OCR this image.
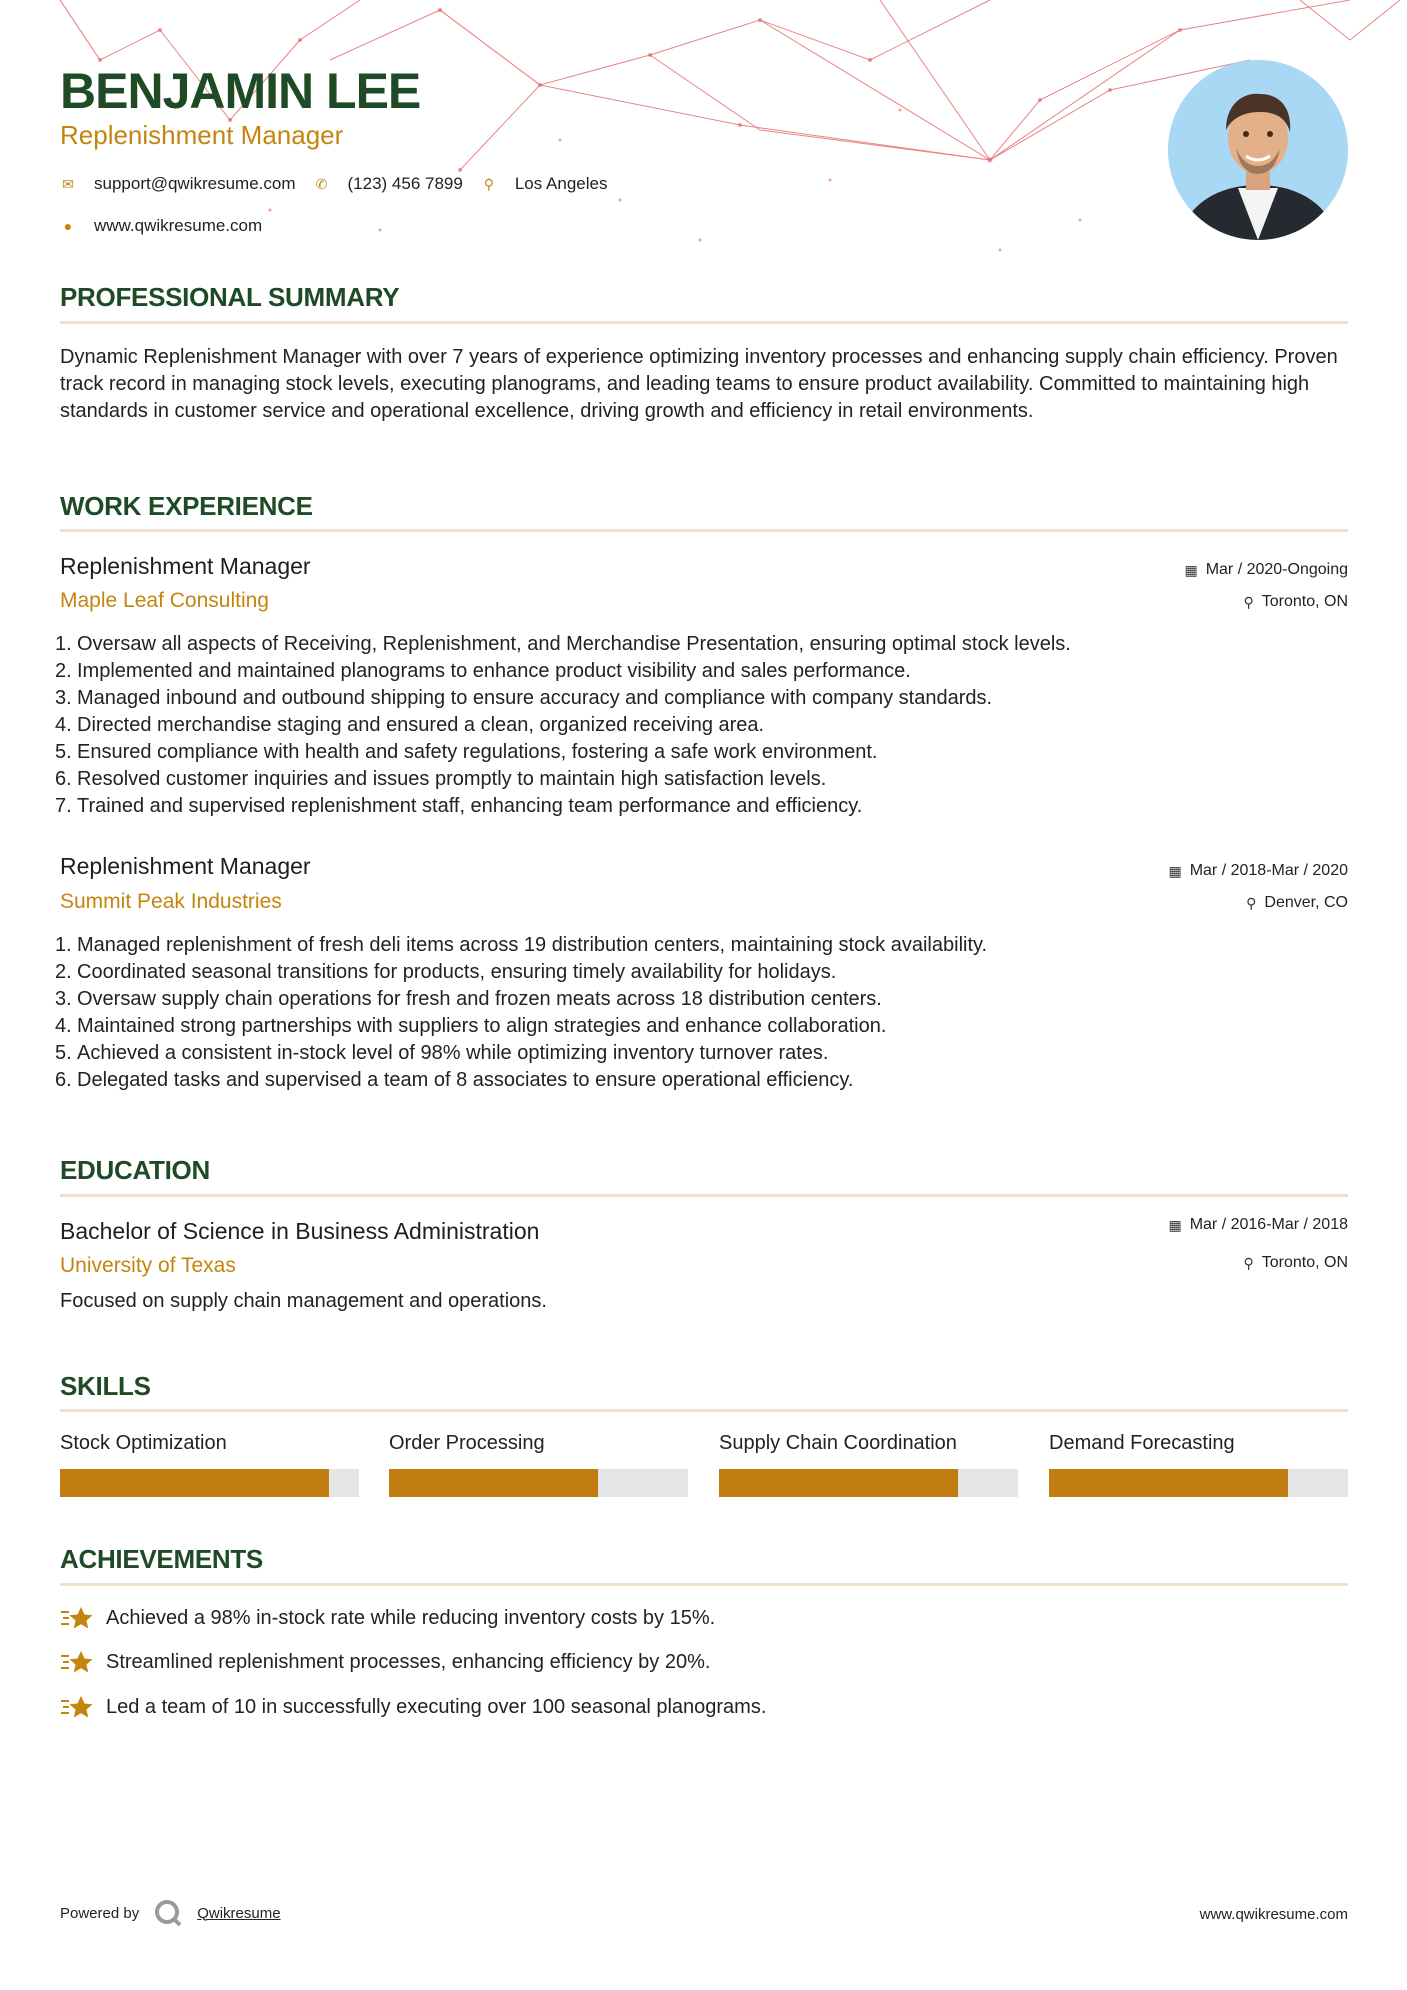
BENJAMIN LEE
Replenishment Manager
✉ support@qwikresume.com ✆ (123) 456 7899 ⚲ Los Angeles
● www.qwikresume.com
PROFESSIONAL SUMMARY
Dynamic Replenishment Manager with over 7 years of experience optimizing inventory processes and enhancing supply chain efficiency. Proven track record in managing stock levels, executing planograms, and leading teams to ensure product availability. Committed to maintaining high standards in customer service and operational excellence, driving growth and efficiency in retail environments.
WORK EXPERIENCE
Replenishment Manager
Maple Leaf Consulting
▦ Mar / 2020-Ongoing
⚲ Toronto, ON
1. Oversaw all aspects of Receiving, Replenishment, and Merchandise Presentation, ensuring optimal stock levels.
2. Implemented and maintained planograms to enhance product visibility and sales performance.
3. Managed inbound and outbound shipping to ensure accuracy and compliance with company standards.
4. Directed merchandise staging and ensured a clean, organized receiving area.
5. Ensured compliance with health and safety regulations, fostering a safe work environment.
6. Resolved customer inquiries and issues promptly to maintain high satisfaction levels.
7. Trained and supervised replenishment staff, enhancing team performance and efficiency.
Replenishment Manager
Summit Peak Industries
▦ Mar / 2018-Mar / 2020
⚲ Denver, CO
1. Managed replenishment of fresh deli items across 19 distribution centers, maintaining stock availability.
2. Coordinated seasonal transitions for products, ensuring timely availability for holidays.
3. Oversaw supply chain operations for fresh and frozen meats across 18 distribution centers.
4. Maintained strong partnerships with suppliers to align strategies and enhance collaboration.
5. Achieved a consistent in-stock level of 98% while optimizing inventory turnover rates.
6. Delegated tasks and supervised a team of 8 associates to ensure operational efficiency.
EDUCATION
Bachelor of Science in Business Administration
University of Texas
▦ Mar / 2016-Mar / 2018
⚲ Toronto, ON
Focused on supply chain management and operations.
SKILLS
Stock Optimization	Order Processing	Supply Chain Coordination	Demand Forecasting
ACHIEVEMENTS
Achieved a 98% in-stock rate while reducing inventory costs by 15%.
Streamlined replenishment processes, enhancing efficiency by 20%.
Led a team of 10 in successfully executing over 100 seasonal planograms.
Powered by	Qwikresume	www.qwikresume.com
